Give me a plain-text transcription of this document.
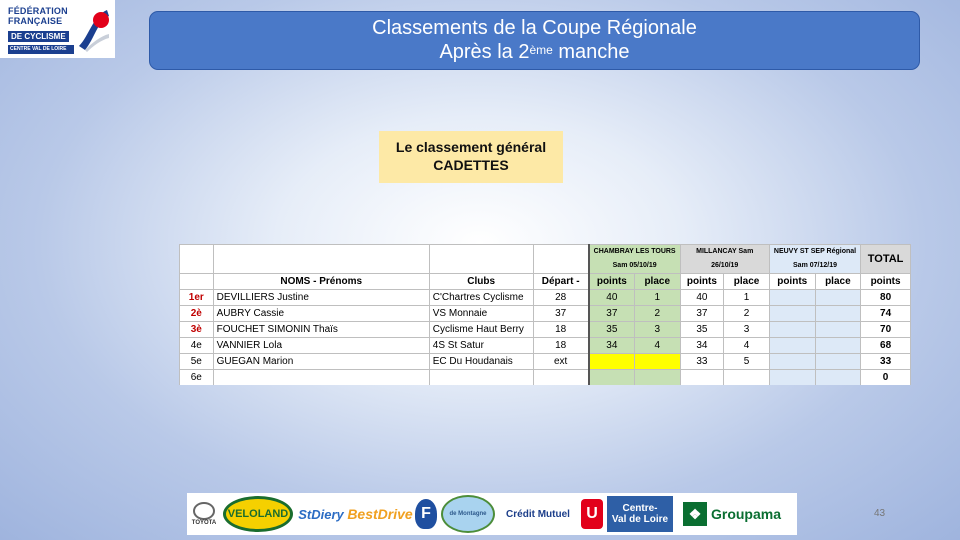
FÉDÉRATION
FRANÇAISE
DE CYCLISME
CENTRE VAL DE LOIRE
Classements de la Coupe Régionale
Après la 2ème manche
Le classement général
CADETTES
				CHAMBRAY LES TOURS Sam 05/10/19		MILLANCAY Sam 26/10/19		NEUVY ST SEP Régional Sam 07/12/19		TOTAL
	NOMS - Prénoms	Clubs	Départ -	points	place	points	place	points	place	points
1er	DEVILLIERS Justine	C'Chartres Cyclisme	28	40	1	40	1			80
2è	AUBRY Cassie	VS Monnaie	37	37	2	37	2			74
3è	FOUCHET SIMONIN Thaïs	Cyclisme Haut Berry	18	35	3	35	3			70
4e	VANNIER Lola	4S St Satur	18	34	4	34	4			68
5e	GUEGAN Marion	EC Du Houdanais	ext			33	5			33
6e										0
TOYOTA
VELOLAND StDiery BestDrive F	de Montagne Crédit Mutuel U Centre-
Val de Loire	❖ Groupama	43
